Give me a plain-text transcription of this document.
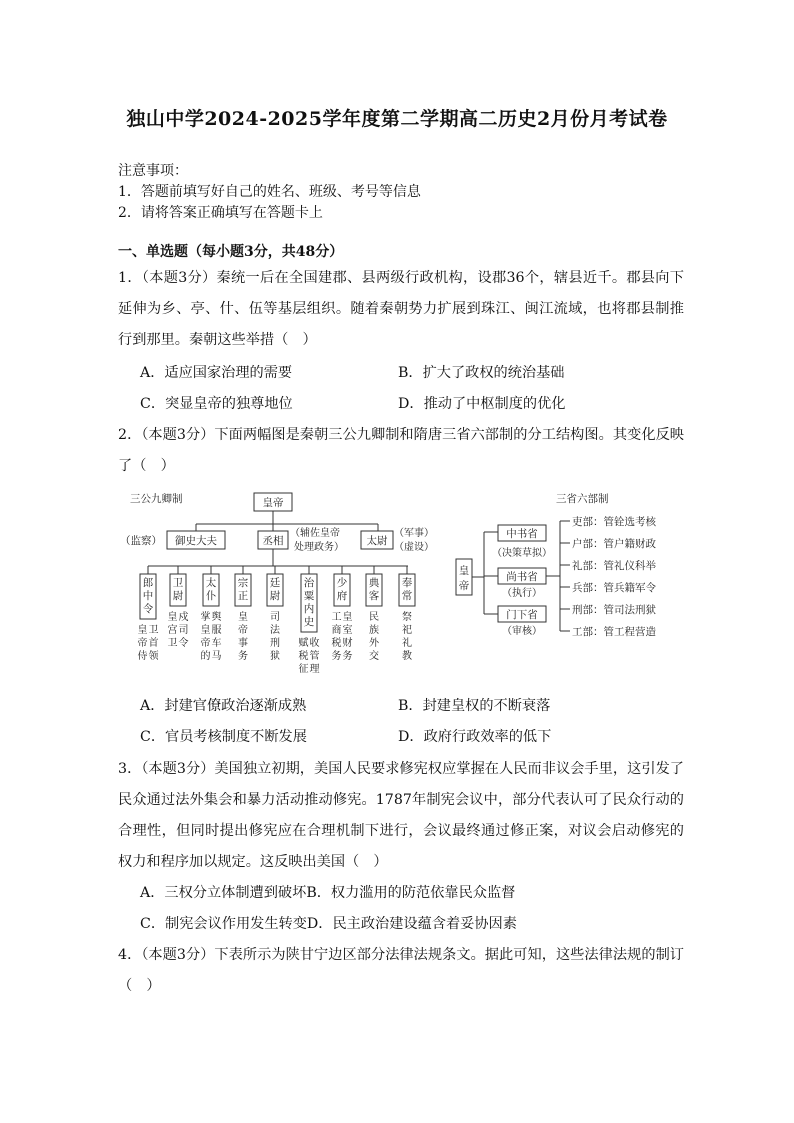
独山中学2024-2025学年度第二学期高二历史2月份月考试卷
注意事项：
1．答题前填写好自己的姓名、班级、考号等信息
2．请将答案正确填写在答题卡上
一、单选题（每小题3分，共48分）
1．（本题3分）秦统一后在全国建郡、县两级行政机构，设郡36个，辖县近千。郡县向下延伸为乡、亭、什、伍等基层组织。随着秦朝势力扩展到珠江、闽江流域，也将郡县制推行到那里。秦朝这些举措（　）
A．适应国家治理的需要	B．扩大了政权的统治基础
C．突显皇帝的独尊地位	D．推动了中枢制度的优化
2．（本题3分）下面两幅图是秦朝三公九卿制和隋唐三省六部制的分工结构图。其变化反映了（　）
三公九卿制	皇帝
御史大夫
（监察）	丞相
（辅佐皇帝
处理政务）
太尉
（军事）
（虚设）
郎
中
令
皇
帝
侍
卫
首
领
卫
尉
皇
宫
卫
戍
司
令
太
仆
掌
皇
帝
的
舆
服
车
马
宗
正
皇
帝
事
务
廷
尉
司
法
刑
狱
治
粟
内
史
赋
税
征
收
管
理
少
府
工
商
税
务
皇
室
财
务
典
客
民
族
外
交
奉
常
祭
祀
礼
教
三省六部制
皇
帝
中书省
（决策草拟）
尚书省
（执行）
门下省
（审核）
吏部：管铨选考核
户部：管户籍财政
礼部：管礼仪科举
兵部：管兵籍军令
刑部：管司法刑狱
工部：管工程营造
A．封建官僚政治逐渐成熟	B．封建皇权的不断衰落
C．官员考核制度不断发展	D．政府行政效率的低下
3．（本题3分）美国独立初期，美国人民要求修宪权应掌握在人民而非议会手里，这引发了民众通过法外集会和暴力活动推动修宪。1787年制宪会议中，部分代表认可了民众行动的合理性，但同时提出修宪应在合理机制下进行，会议最终通过修正案，对议会启动修宪的权力和程序加以规定。这反映出美国（　）
A．三权分立体制遭到破坏B．权力滥用的防范依靠民众监督
C．制宪会议作用发生转变D．民主政治建设蕴含着妥协因素
4．（本题3分）下表所示为陕甘宁边区部分法律法规条文。据此可知，这些法律法规的制订（　）
